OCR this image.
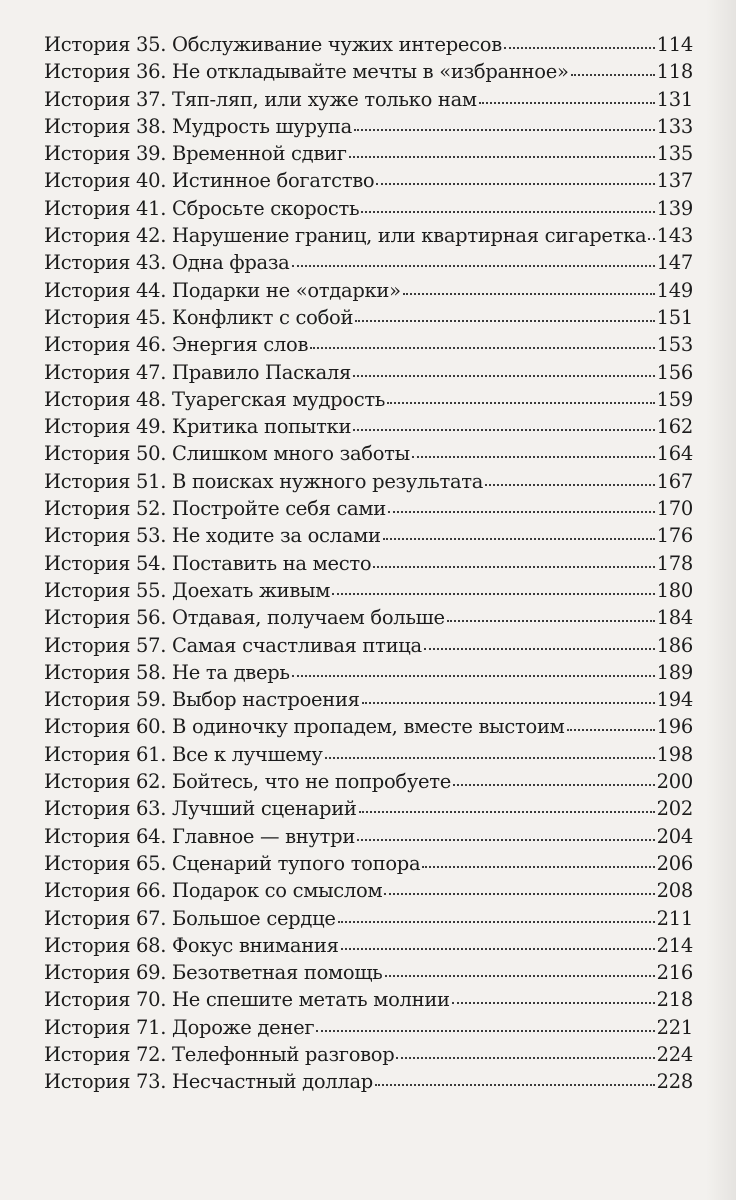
История 35. Обслуживание чужих интересов	114
История 36. Не откладывайте мечты в «избранное»	118
История 37. Тяп-ляп, или хуже только нам	131
История 38. Мудрость шурупа	133
История 39. Временной сдвиг	135
История 40. Истинное богатство	137
История 41. Сбросьте скорость	139
История 42. Нарушение границ, или квартирная сигаретка 143
История 43. Одна фраза	147
История 44. Подарки не «отдарки»	149
История 45. Конфликт с собой	151
История 46. Энергия слов	153
История 47. Правило Паскаля	156
История 48. Туарегская мудрость	159
История 49. Критика попытки	162
История 50. Слишком много заботы	164
История 51. В поисках нужного результата	167
История 52. Постройте себя сами	170
История 53. Не ходите за ослами	176
История 54. Поставить на место	178
История 55. Доехать живым	180
История 56. Отдавая, получаем больше	184
История 57. Самая счастливая птица	186
История 58. Не та дверь	189
История 59. Выбор настроения	194
История 60. В одиночку пропадем, вместе выстоим	196
История 61. Все к лучшему	198
История 62. Бойтесь, что не попробуете	200
История 63. Лучший сценарий	202
История 64. Главное — внутри	204
История 65. Сценарий тупого топора	206
История 66. Подарок со смыслом	208
История 67. Большое сердце	211
История 68. Фокус внимания	214
История 69. Безответная помощь	216
История 70. Не спешите метать молнии	218
История 71. Дороже денег	221
История 72. Телефонный разговор	224
История 73. Несчастный доллар	228
